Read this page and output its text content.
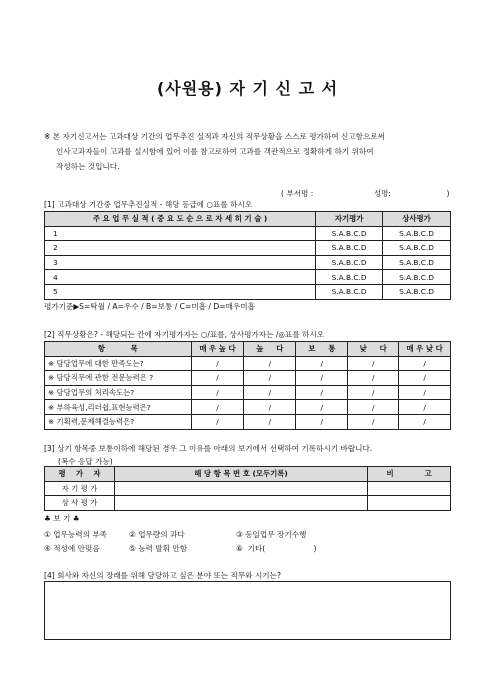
(사원용) 자 기 신 고 서
※ 본 자기신고서는 고과대상 기간의 업무추진 실적과 자신의 직무상황을 스스로 평가하여 신고함으로써
인사고과자들이 고과를 실시함에 있어 이를 참고로하여 고과를 객관적으로 정확하게 하기 위하여
작성하는 것입니다.
( 부서명 :                         성명:                       )
[1] 고과대상 기간중 업무추진실적 - 해당 등급에 ○표를 하시오
주 요 업 무 실 적 ( 중 요 도 순 으 로 자 세 히 기 술 )	자기평가	상사평가
1	S.A.B.C.D	S.A.B.C.D
2	S.A.B.C.D	S.A.B.C.D
3	S.A.B.C.D	S.A.B.C.D
4	S.A.B.C.D	S.A.B.C.D
5	S.A.B.C.D	S.A.B.C.D
평가기준▶S=탁월 / A=우수 / B=보통 / C=미흡 / D=매우미흡
[2] 직무상황은? - 해당되는 칸에 자기평가자는 ○/표를, 상사평가자는 /◎표를 하시오
항          목	매 우 높 다	높     다	보     통	낮     다	매 우 낮 다
※ 담당업무에 대한 만족도는?	/	/	/	/	/
※ 담당직무에 관한 전문능력은 ?	/	/	/	/	/
※ 담당업무의 처리속도는?	/	/	/	/	/
※ 부하육성,리더쉽,표현능력은?	/	/	/	/	/
※ 기획력,문제해결능력은?	/	/	/	/	/
[3] 상기 항목중 보통이하에 해당된 경우 그 이유를 아래의 보기에서 선택하여 기록하시기 바랍니다.
(복수 응답 가능)
평    가    자	해 당 항 목 번 호 (모두기록)	비            고
자 기 평 가		
상 사 평 가		
♣ 보 기 ♣
① 업무능력의 부족	② 업무량의 과다	③ 동일업무 장기수행
④ 적성에 안맞음	⑤ 능력 발휘 안함	⑥  기타(                    )
[4] 회사와 자신의 장래를 위해 담당하고 싶은 분야 또는 직무와 시기는?
